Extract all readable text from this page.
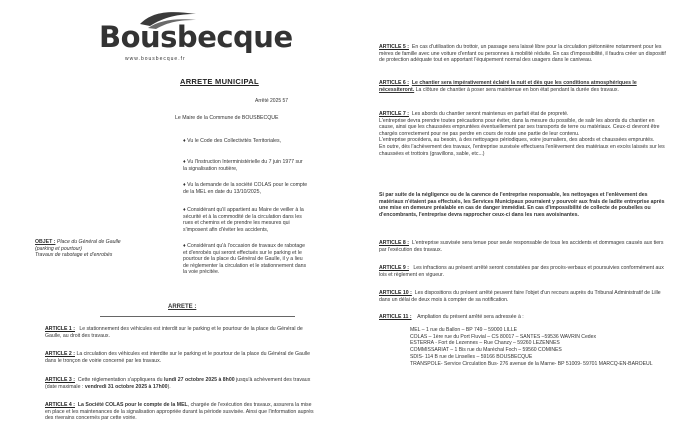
Bousbecque
www.bousbecque.fr
ARRETE MUNICIPAL
Arrêté 2025 57
Le Maire de la Commune de BOUSBECQUE
♦ Vu le Code des Collectivités Territoriales,
♦ Vu l'Instruction Interministérielle du 7 juin 1977 sur la signalisation routière,
♦ Vu la demande de la société COLAS pour le compte de la MEL en date du 13/10/2025,
♦ Considérant qu'il appartient au Maire de veiller à la sécurité et à la commodité de la circulation dans les rues et chemins et de prendre les mesures qui s'imposent afin d'éviter les accidents,
♦ Considérant qu'à l'occasion de travaux de rabotage et d'enrobés qui seront effectués sur le parking et le pourtour de la place du Général de Gaulle, il y a lieu de réglementer la circulation et le stationnement dans la voie précitée.
OBJET : Place du Général de Gaulle
(parking et pourtour)
Travaux de rabotage et d'enrobés
ARRETE :
ARTICLE 1 : Le stationnement des véhicules est interdit sur le parking et le pourtour de la place du Général de Gaulle, au droit des travaux.
ARTICLE 2 : La circulation des véhicules est interdite sur le parking et le pourtour de la place du Général de Gaulle dans le tronçon de voirie concerné par les travaux.
ARTICLE 3 : Cette réglementation s'appliquera du lundi 27 octobre 2025 à 8h00 jusqu'à achèvement des travaux (date maximale : vendredi 31 octobre 2025 à 17h00).
ARTICLE 4 : La Société COLAS pour le compte de la MEL, chargée de l'exécution des travaux, assurera la mise en place et les maintenances de la signalisation appropriée durant la période susvisée. Ainsi que l'information auprès des riverains concernés par cette voirie.
ARTICLE 5 : En cas d'utilisation du trottoir, un passage sera laissé libre pour la circulation piétonnière notamment pour les mères de famille avec une voiture d'enfant ou personnes à mobilité réduite. En cas d'impossibilité, il faudra créer un dispositif de protection adéquate tout en apportant l'équipement normal des usagers dans le caniveau.
ARTICLE 6 : Le chantier sera impérativement éclairé la nuit et dès que les conditions atmosphériques le nécessiteront. La clôture de chantier à poser sera maintenue en bon état pendant la durée des travaux.
ARTICLE 7 : Les abords du chantier seront maintenus en parfait état de propreté.
L'entreprise devra prendre toutes précautions pour éviter, dans la mesure du possible, de salir les abords du chantier en cause, ainsi que les chaussées empruntées éventuellement par ses transports de terre ou matériaux. Ceux-ci devront être chargés correctement pour ne pas perdre en cours de route une partie de leur contenu.
L'entreprise procédera, au besoin, à des nettoyages périodiques, voire journaliers, des abords et chaussées empruntés.
En outre, dès l'achèvement des travaux, l'entreprise susvisée effectuera l'enlèvement des matériaux en excès laissés sur les chaussées et trottoirs (gravillons, sable, etc...)
Si par suite de la négligence ou de la carence de l'entreprise responsable, les nettoyages et l'enlèvement des matériaux n'étaient pas effectués, les Services Municipaux pourraient y pourvoir aux frais de ladite entreprise après une mise en demeure préalable en cas de danger immédiat. En cas d'impossibilité de collecte de poubelles ou d'encombrants, l'entreprise devra rapprocher ceux-ci dans les rues avoisinantes.
ARTICLE 8 : L'entreprise susvisée sera tenue pour seule responsable de tous les accidents et dommages causés aux tiers par l'exécution des travaux.
ARTICLE 9 : Les infractions au présent arrêté seront constatées par des procès-verbaux et poursuivies conformément aux lois et règlement en vigueur.
ARTICLE 10 : Les dispositions du présent arrêté peuvent faire l'objet d'un recours auprès du Tribunal Administratif de Lille dans un délai de deux mois à compter de sa notification.
ARTICLE 11 : Ampliation du présent arrêté sera adressée à :
MEL – 1 rue du Ballon – BP 749 – 59000 LILLE
COLAS – 1ère rue du Port Fluvial – CS 80017 – SANTES –59536 WAVRIN Cedex
ESTERRA - Fort de Lezennes – Rue Chanzy – 59260 LEZENNES
COMMISSARIAT – 1 Bis rue du Maréchal Foch – 59560 COMINES
SDIS- 114 B rue de Linselles – 59166 BOUSBECQUE
TRANSPOLE- Service Circulation Bus- 276 avenue de la Marne- BP 51009- 59701 MARCQ-EN-BAROEUL
